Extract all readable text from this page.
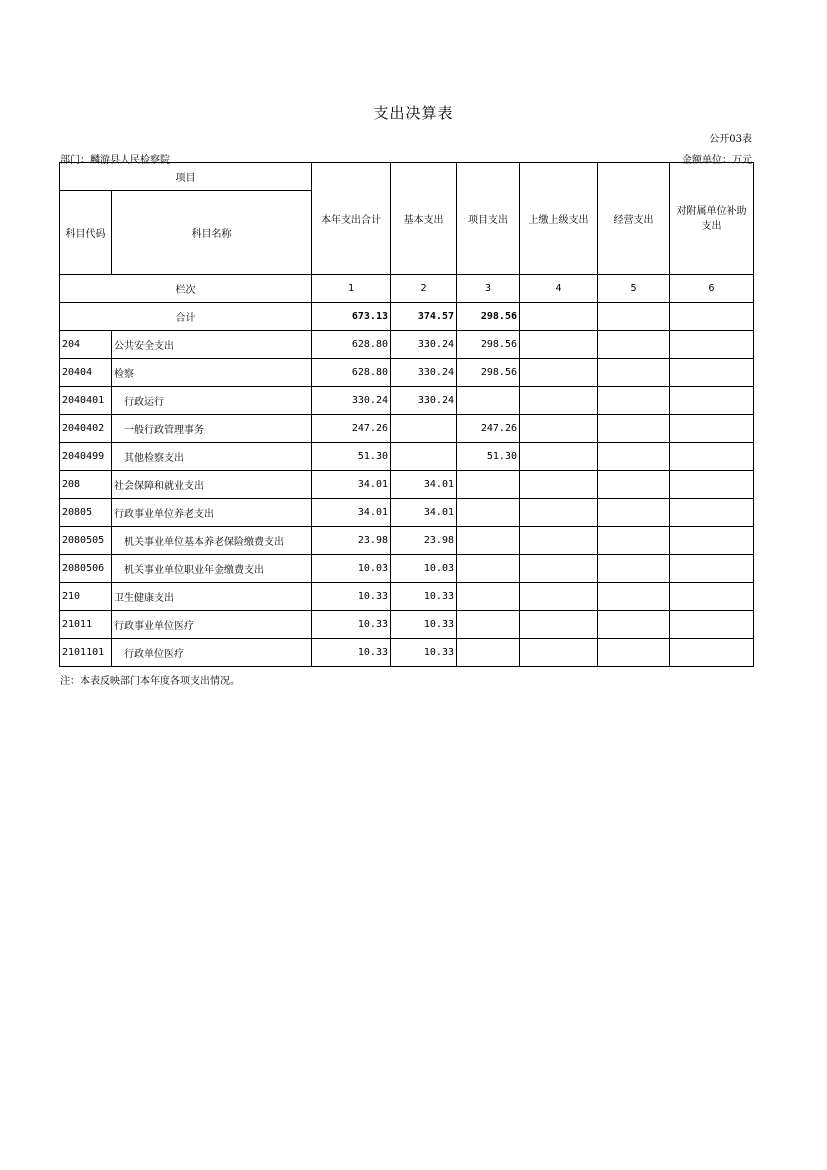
支出决算表
公开03表
部门：麟游县人民检察院	金额单位：万元
项目		本年支出合计	基本支出	项目支出	上缴上级支出	经营支出	对附属单位补助支出
科目代码	科目名称						
栏次		1	2	3	4	5	6
合计		673.13	374.57	298.56			
204	公共安全支出	628.80	330.24	298.56			
20404	检察	628.80	330.24	298.56			
2040401	行政运行	330.24	330.24				
2040402	一般行政管理事务	247.26		247.26			
2040499	其他检察支出	51.30		51.30			
208	社会保障和就业支出	34.01	34.01				
20805	行政事业单位养老支出	34.01	34.01				
2080505	机关事业单位基本养老保险缴费支出	23.98	23.98				
2080506	机关事业单位职业年金缴费支出	10.03	10.03				
210	卫生健康支出	10.33	10.33				
21011	行政事业单位医疗	10.33	10.33				
2101101	行政单位医疗	10.33	10.33				
注：本表反映部门本年度各项支出情况。
